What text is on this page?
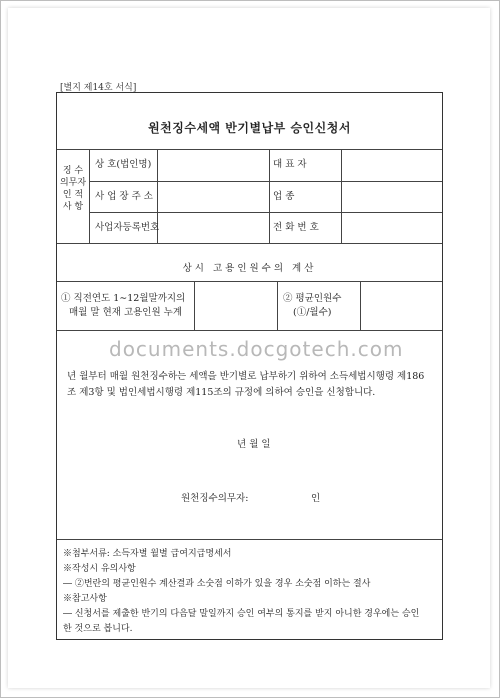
[별지 제14호 서식]
원천징수세액 반기별납부 승인신청서
징 수
의무자
인 적
사 항
상 호(법인명)	대 표 자
사 업 장 주 소	업 종
사업자등록번호	전 화 번 호
상시 고용인원수의 계산
① 직전연도 1∼12월말까지의
매월 말 현재 고용인원 누계
② 평균인원수
(①/월수)
documents.docgotech.com
년 월부터 매월 원천징수하는 세액을 반기별로 납부하기 위하여 소득세법시행령 제186
조 제3항 및 법인세법시행령 제115조의 규정에 의하여 승인을 신청합니다.
년 월 일
원천징수의무자:	인
※첨부서류: 소득자별 월별 급여지급명세서
※작성시 유의사항
― ②번란의 평균인원수 계산결과 소숫점 이하가 있을 경우 소숫점 이하는 절사
※참고사항
― 신청서를 제출한 반기의 다음달 말일까지 승인 여부의 통지를 받지 아니한 경우에는 승인
한 것으로 봅니다.
